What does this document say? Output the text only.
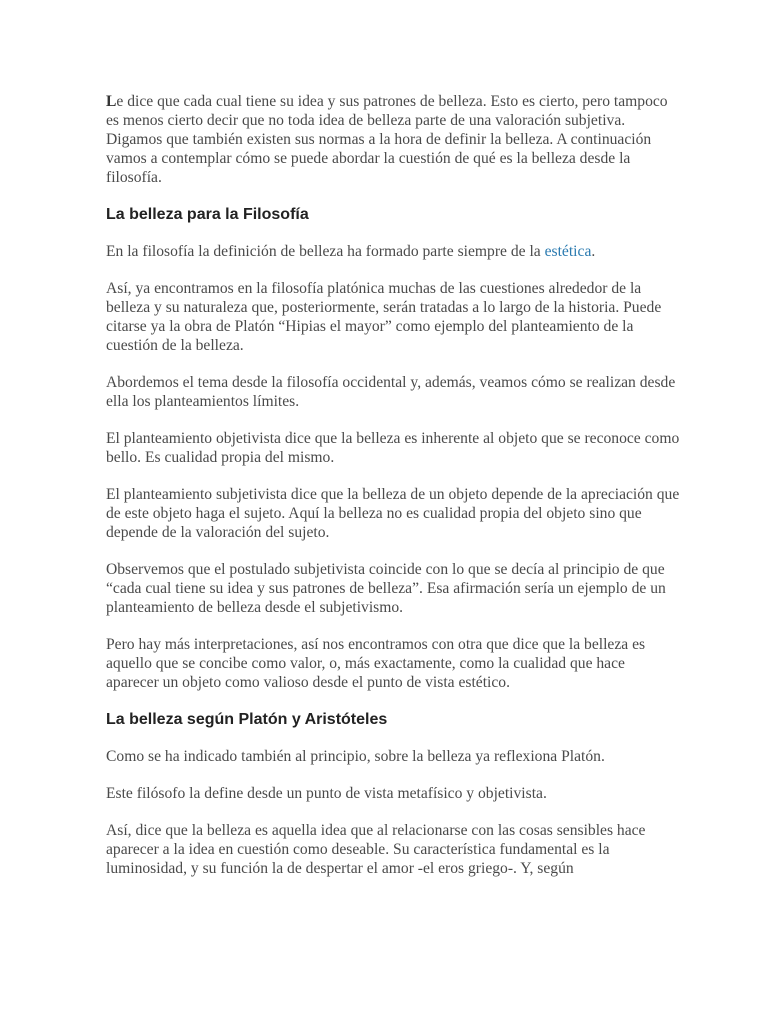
Le dice que cada cual tiene su idea y sus patrones de belleza. Esto es cierto, pero tampoco es menos cierto decir que no toda idea de belleza parte de una valoración subjetiva. Digamos que también existen sus normas a la hora de definir la belleza. A continuación vamos a contemplar cómo se puede abordar la cuestión de qué es la belleza desde la filosofía.

La belleza para la Filosofía

En la filosofía la definición de belleza ha formado parte siempre de la estética.

Así, ya encontramos en la filosofía platónica muchas de las cuestiones alrededor de la belleza y su naturaleza que, posteriormente, serán tratadas a lo largo de la historia. Puede citarse ya la obra de Platón “Hipias el mayor” como ejemplo del planteamiento de la cuestión de la belleza.

Abordemos el tema desde la filosofía occidental y, además, veamos cómo se realizan desde ella los planteamientos límites.

El planteamiento objetivista dice que la belleza es inherente al objeto que se reconoce como bello. Es cualidad propia del mismo.

El planteamiento subjetivista dice que la belleza de un objeto depende de la apreciación que de este objeto haga el sujeto. Aquí la belleza no es cualidad propia del objeto sino que depende de la valoración del sujeto.

Observemos que el postulado subjetivista coincide con lo que se decía al principio de que “cada cual tiene su idea y sus patrones de belleza”. Esa afirmación sería un ejemplo de un planteamiento de belleza desde el subjetivismo.

Pero hay más interpretaciones, así nos encontramos con otra que dice que la belleza es aquello que se concibe como valor, o, más exactamente, como la cualidad que hace aparecer un objeto como valioso desde el punto de vista estético.

La belleza según Platón y Aristóteles

Como se ha indicado también al principio, sobre la belleza ya reflexiona Platón.

Este filósofo la define desde un punto de vista metafísico y objetivista.

Así, dice que la belleza es aquella idea que al relacionarse con las cosas sensibles hace aparecer a la idea en cuestión como deseable. Su característica fundamental es la luminosidad, y su función la de despertar el amor -el eros griego-. Y, según
